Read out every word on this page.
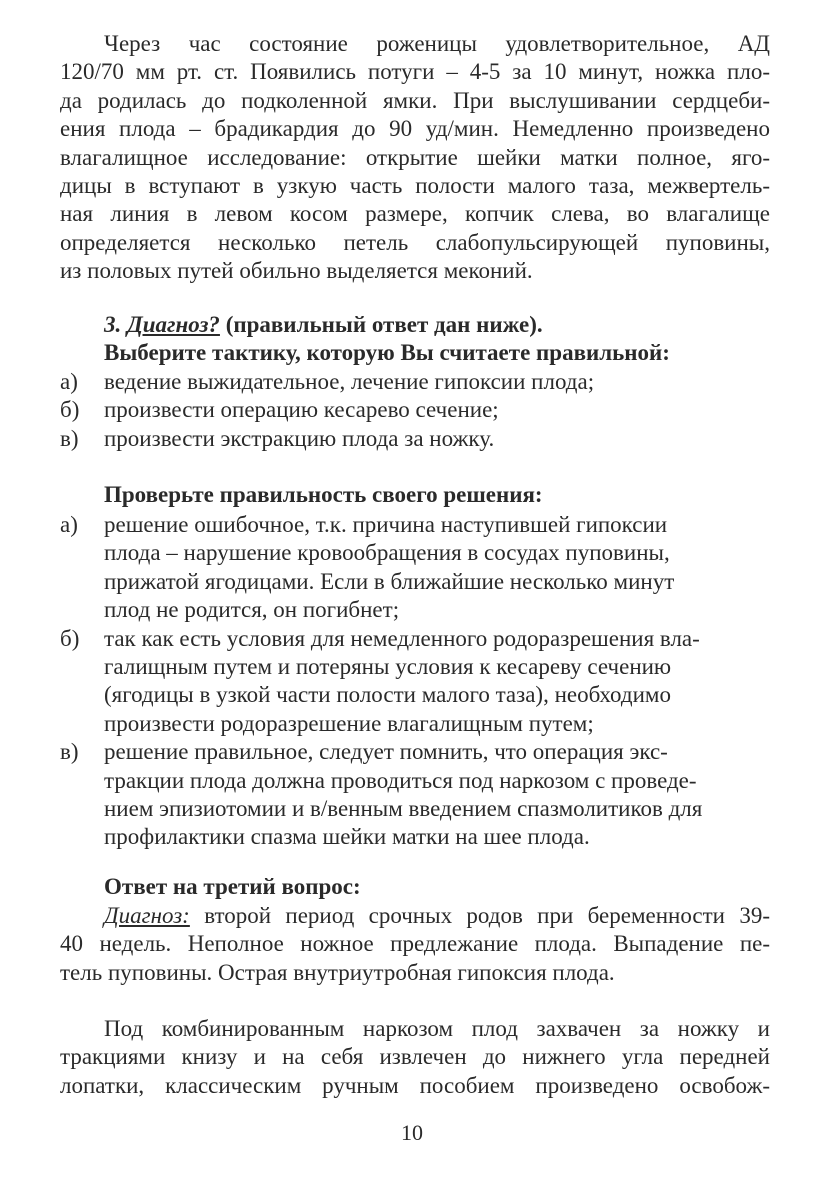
Через час состояние роженицы удовлетворительное, АД
120/70 мм рт. ст. Появились потуги – 4-5 за 10 минут, ножка пло-
да родилась до подколенной ямки. При выслушивании сердцеби-
ения плода – брадикардия до 90 уд/мин. Немедленно произведено
влагалищное исследование: открытие шейки матки полное, яго-
дицы в вступают в узкую часть полости малого таза, межвертель-
ная линия в левом косом размере, копчик слева, во влагалище
определяется несколько петель слабопульсирующей пуповины,
из половых путей обильно выделяется меконий.
3. Диагноз? (правильный ответ дан ниже).
Выберите тактику, которую Вы считаете правильной:
а)	ведение выжидательное, лечение гипоксии плода;
б)	произвести операцию кесарево сечение;
в)	произвести экстракцию плода за ножку.
Проверьте правильность своего решения:
а)	решение ошибочное, т.к. причина наступившей гипоксии
плода – нарушение кровообращения в сосудах пуповины,
прижатой ягодицами. Если в ближайшие несколько минут
плод не родится, он погибнет;
б)	так как есть условия для немедленного родоразрешения вла-
галищным путем и потеряны условия к кесареву сечению
(ягодицы в узкой части полости малого таза), необходимо
произвести родоразрешение влагалищным путем;
в)	решение правильное, следует помнить, что операция экс-
тракции плода должна проводиться под наркозом с проведе-
нием эпизиотомии и в/венным введением спазмолитиков для
профилактики спазма шейки матки на шее плода.
Ответ на третий вопрос:
Диагноз: второй период срочных родов при беременности 39-
40 недель. Неполное ножное предлежание плода. Выпадение пе-
тель пуповины. Острая внутриутробная гипоксия плода.
Под комбинированным наркозом плод захвачен за ножку и
тракциями книзу и на себя извлечен до нижнего угла передней
лопатки, классическим ручным пособием произведено освобож-
10
